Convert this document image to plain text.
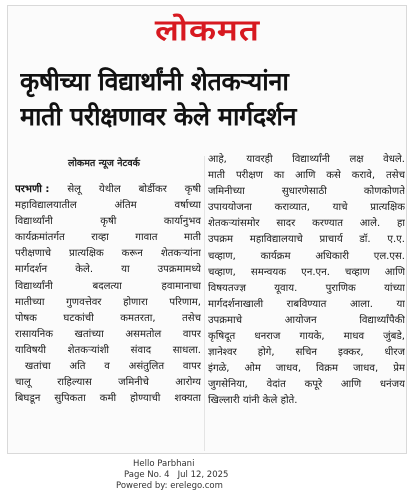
लोकमत
कृषीच्या विद्यार्थांनी शेतकऱ्यांना
माती परीक्षणावर केले मार्गदर्शन
लोकमत न्यूज नेटवर्क
परभणी : सेलू येथील बोर्डीकर कृषी
महाविद्यालयातील	अंतिम	वर्षाच्या
विद्यार्थ्यांनी	कृषी	कार्यानुभव
कार्यक्रमांतर्गत	राव्हा	गावात	माती
परीक्षणाचे प्रात्यक्षिक करून शेतकऱ्यांना
मार्गदर्शन	केले.	या	उपक्रमामध्ये
विद्यार्थ्यांनी	बदलत्या	हवामानाचा
मातीच्या गुणवत्तेवर होणारा परिणाम,
पोषक	घटकांची	कमतरता,	तसेच
रासायनिक खतांच्या असमतोल वापर
याविषयी शेतकऱ्यांशी संवाद साधला.
खतांचा अति व असंतुलित वापर
चालू	राहिल्यास	जमिनीचे	आरोग्य
बिघडून सुपिकता कमी होण्याची शक्यता
आहे, यावरही विद्यार्थ्यांनी लक्ष वेधले.
माती परीक्षण का आणि कसे करावे, तसेच
जमिनीच्या	सुधारणेसाठी	कोणकोणते
उपाययोजना कराव्यात, याचे प्रात्यक्षिक
शेतकऱ्यांसमोर सादर करण्यात आले. हा
उपक्रम महाविद्यालयाचे प्राचार्य डॉ. ए.ए.
चव्हाण, कार्यक्रम अधिकारी एल.एस.
चव्हाण, समन्वयक एन.एन. चव्हाण आणि
विषयतज्ज्ञ	यूवाय.	पुराणिक	यांच्या
मार्गदर्शनाखाली राबविण्यात आला. या
उपक्रमाचे	आयोजन	विद्यार्थ्यांपैकी
कृषिदूत धनराज गायके, माधव जुंबडे,
ज्ञानेश्वर होगे, सचिन इक्कर, धीरज
इंगळे, ओम जाधव, विक्रम जाधव, प्रेम
जुगसेनिया, वेदांत कपूरे आणि धनंजय
खिल्लारी यांनी केले होते.
Hello Parbhani
Page No. 4   Jul 12, 2025
Powered by: erelego.com
